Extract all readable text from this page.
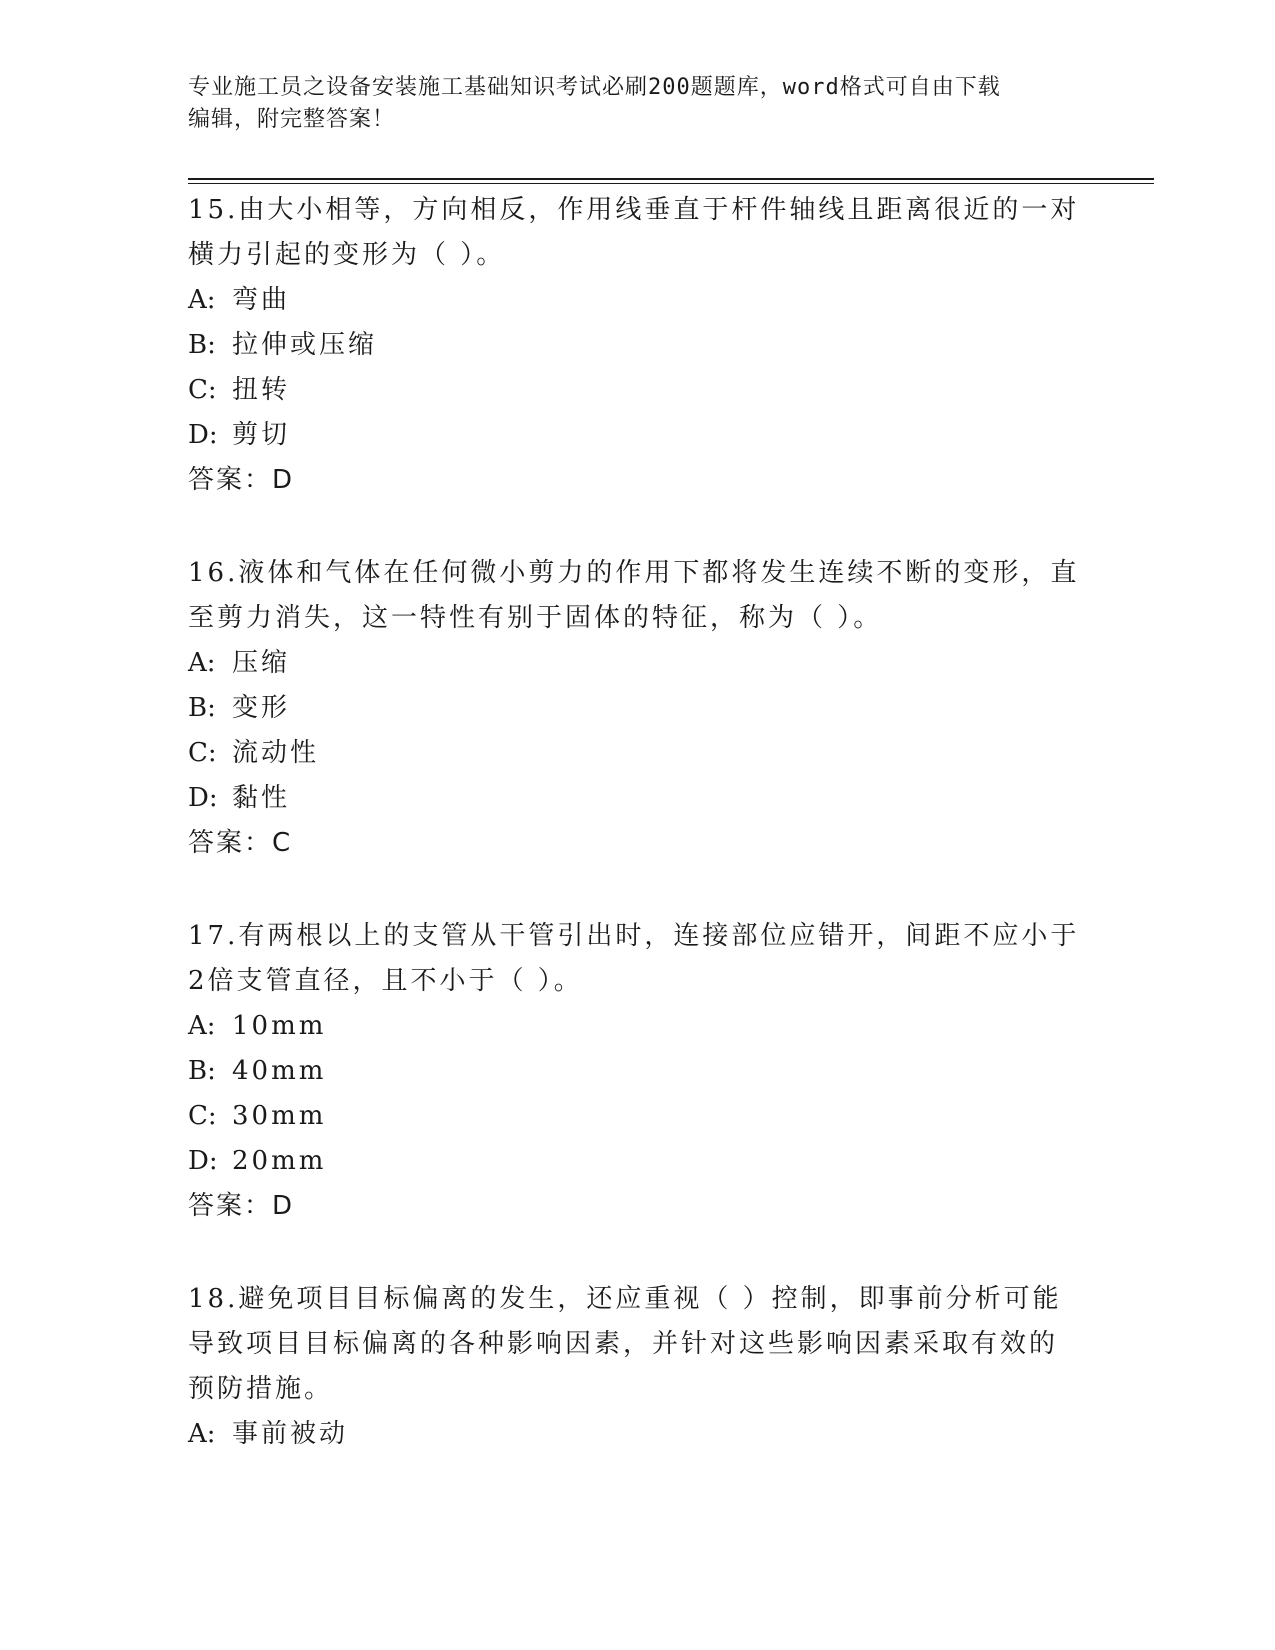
专业施工员之设备安装施工基础知识考试必刷200题题库，word格式可自由下载
编辑，附完整答案！
15.由大小相等，方向相反，作用线垂直于杆件轴线且距离很近的一对
横力引起的变形为（ ）。
A: 弯曲
B: 拉伸或压缩
C: 扭转
D: 剪切
答案：D
16.液体和气体在任何微小剪力的作用下都将发生连续不断的变形，直
至剪力消失，这一特性有别于固体的特征，称为（ ）。
A: 压缩
B: 变形
C: 流动性
D: 黏性
答案：C
17.有两根以上的支管从干管引出时，连接部位应错开，间距不应小于
2倍支管直径，且不小于（ ）。
A: 10mm
B: 40mm
C: 30mm
D: 20mm
答案：D
18.避免项目目标偏离的发生，还应重视（ ）控制，即事前分析可能
导致项目目标偏离的各种影响因素，并针对这些影响因素采取有效的
预防措施。
A: 事前被动
